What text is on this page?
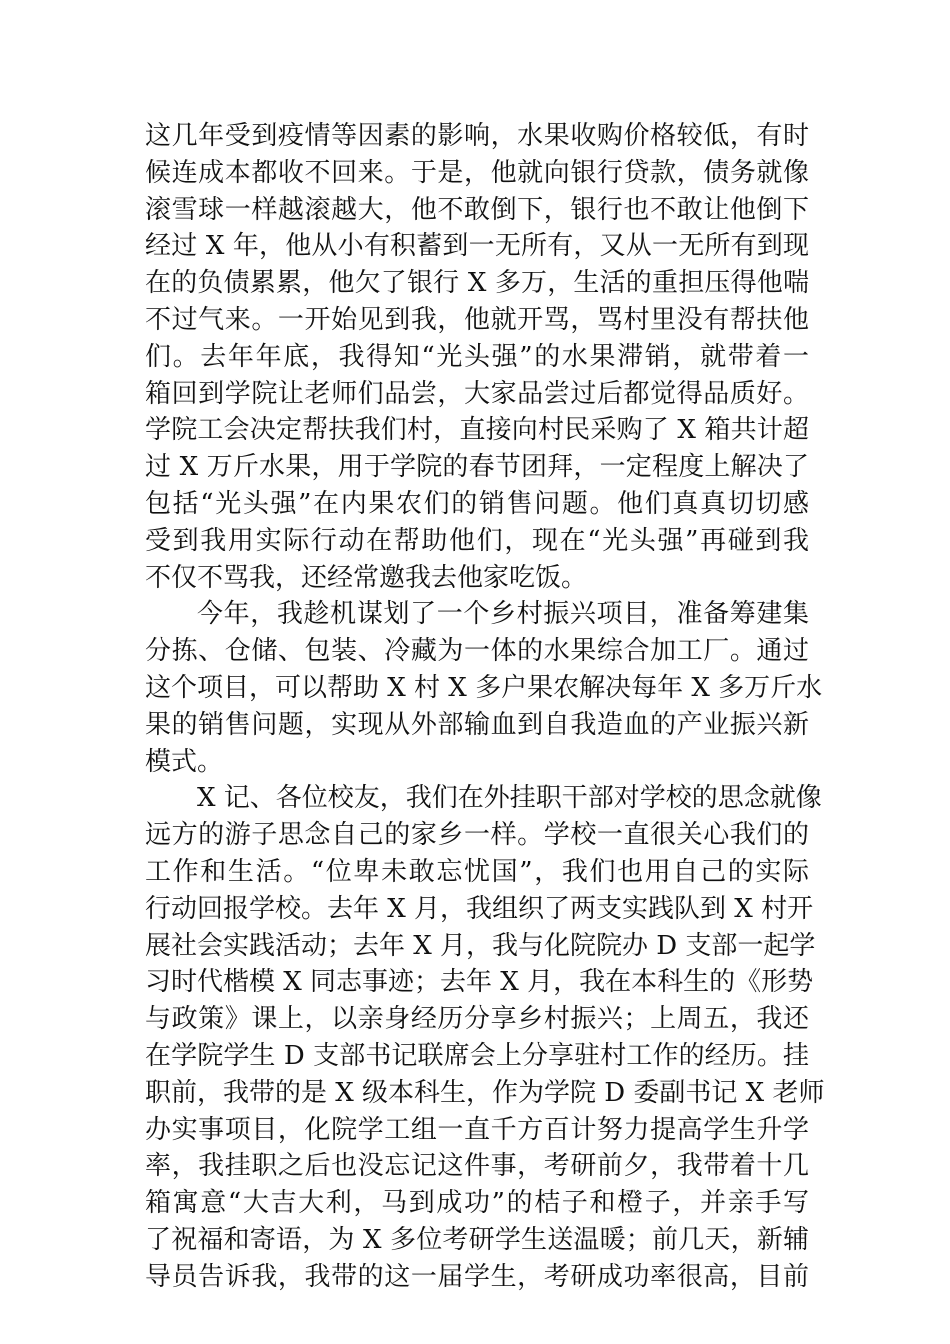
这几年受到疫情等因素的影响，水果收购价格较低，有时
候连成本都收不回来。于是，他就向银行贷款，债务就像
滚雪球一样越滚越大，他不敢倒下，银行也不敢让他倒下
经过 X 年，他从小有积蓄到一无所有，又从一无所有到现
在的负债累累，他欠了银行 X 多万，生活的重担压得他喘
不过气来。一开始见到我，他就开骂，骂村里没有帮扶他
们。去年年底，我得知“光头强”的水果滞销，就带着一
箱回到学院让老师们品尝，大家品尝过后都觉得品质好。
学院工会决定帮扶我们村，直接向村民采购了 X 箱共计超
过 X 万斤水果，用于学院的春节团拜，一定程度上解决了
包括“光头强”在内果农们的销售问题。他们真真切切感
受到我用实际行动在帮助他们，现在“光头强”再碰到我
不仅不骂我，还经常邀我去他家吃饭。
今年，我趁机谋划了一个乡村振兴项目，准备筹建集
分拣、仓储、包装、冷藏为一体的水果综合加工厂。通过
这个项目，可以帮助 X 村 X 多户果农解决每年 X 多万斤水
果的销售问题，实现从外部输血到自我造血的产业振兴新
模式。
X 记、各位校友，我们在外挂职干部对学校的思念就像
远方的游子思念自己的家乡一样。学校一直很关心我们的
工作和生活。“位卑未敢忘忧国”，我们也用自己的实际
行动回报学校。去年 X 月，我组织了两支实践队到 X 村开
展社会实践活动；去年 X 月，我与化院院办 D 支部一起学
习时代楷模 X 同志事迹；去年 X 月，我在本科生的《形势
与政策》课上，以亲身经历分享乡村振兴；上周五，我还
在学院学生 D 支部书记联席会上分享驻村工作的经历。挂
职前，我带的是 X 级本科生，作为学院 D 委副书记 X 老师
办实事项目，化院学工组一直千方百计努力提高学生升学
率，我挂职之后也没忘记这件事，考研前夕，我带着十几
箱寓意“大吉大利，马到成功”的桔子和橙子，并亲手写
了祝福和寄语，为 X 多位考研学生送温暖；前几天，新辅
导员告诉我，我带的这一届学生，考研成功率很高，目前
